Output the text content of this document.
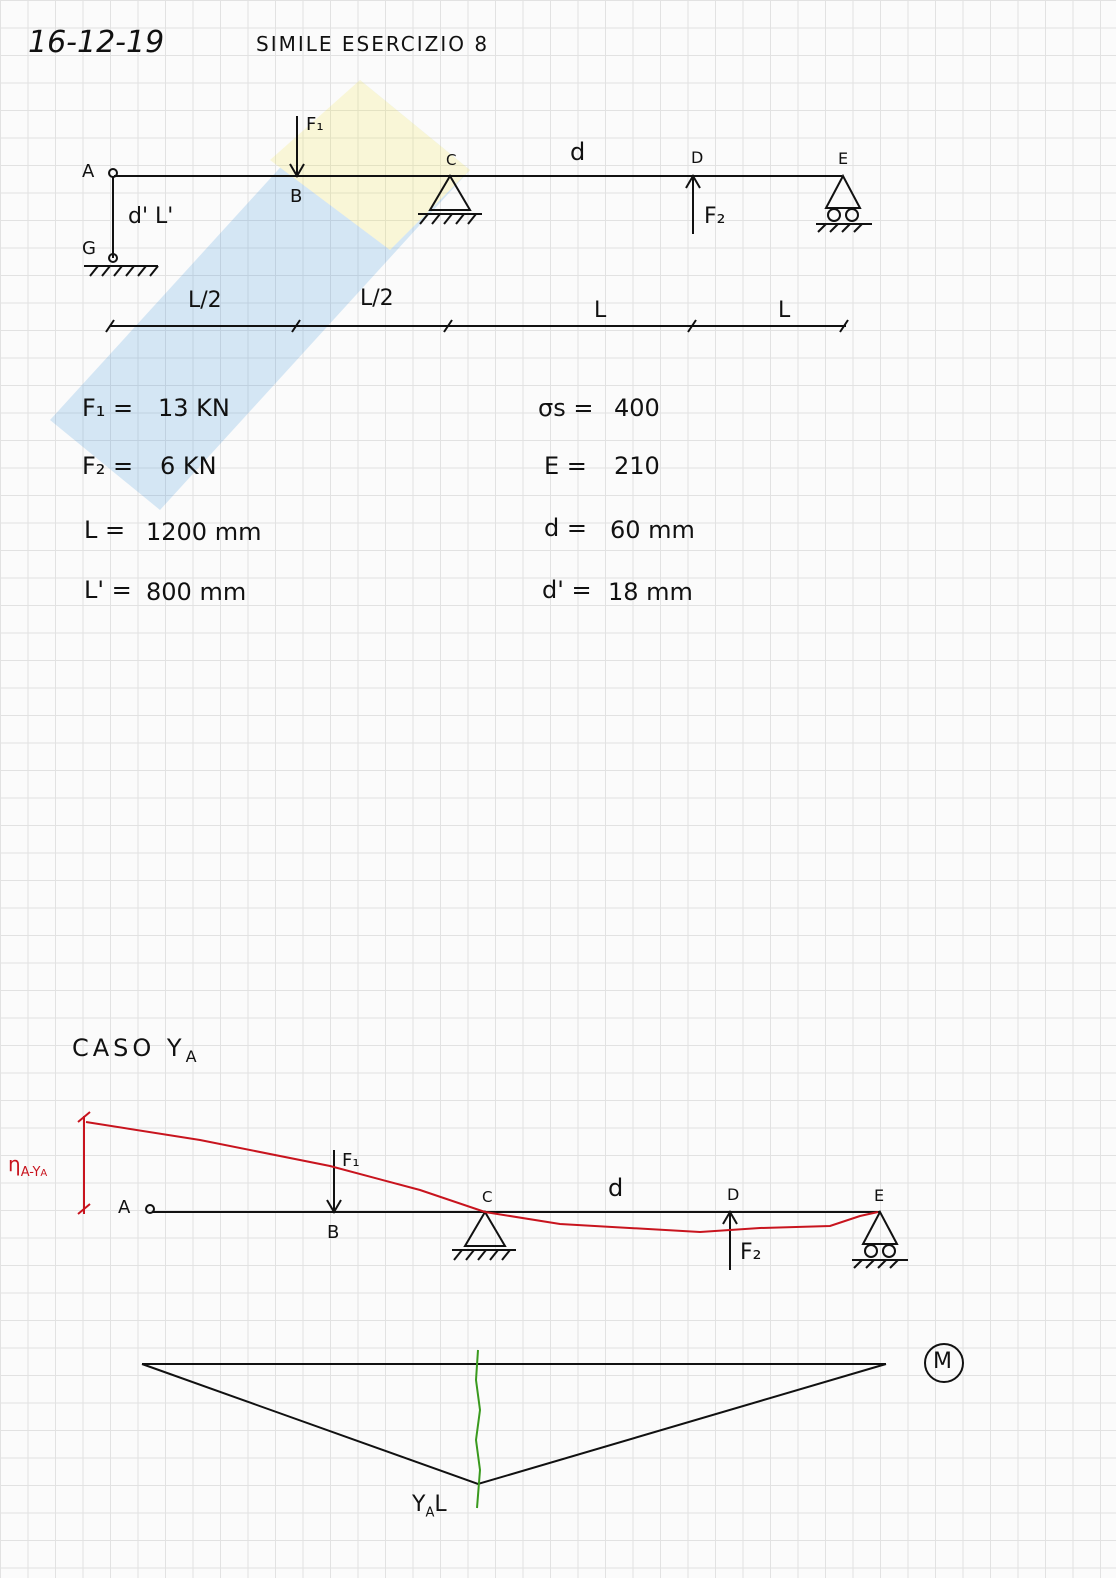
16-12-19	SIMILE ESERCIZIO 8
A
B
C	D	E
G
F₁
F₂
d
d' L'
L/2	L/2	L	L
F₁ = 13 KN
F₂ = 6 KN
L = 1200 mm
L' = 800 mm
σs = 400
E = 210
d = 60 mm
d' = 18 mm
CASO $Y_A$
$\eta_{A-YA}$
A
B
C	D	E
F₁
F₂
d
M
$Y_AL$
